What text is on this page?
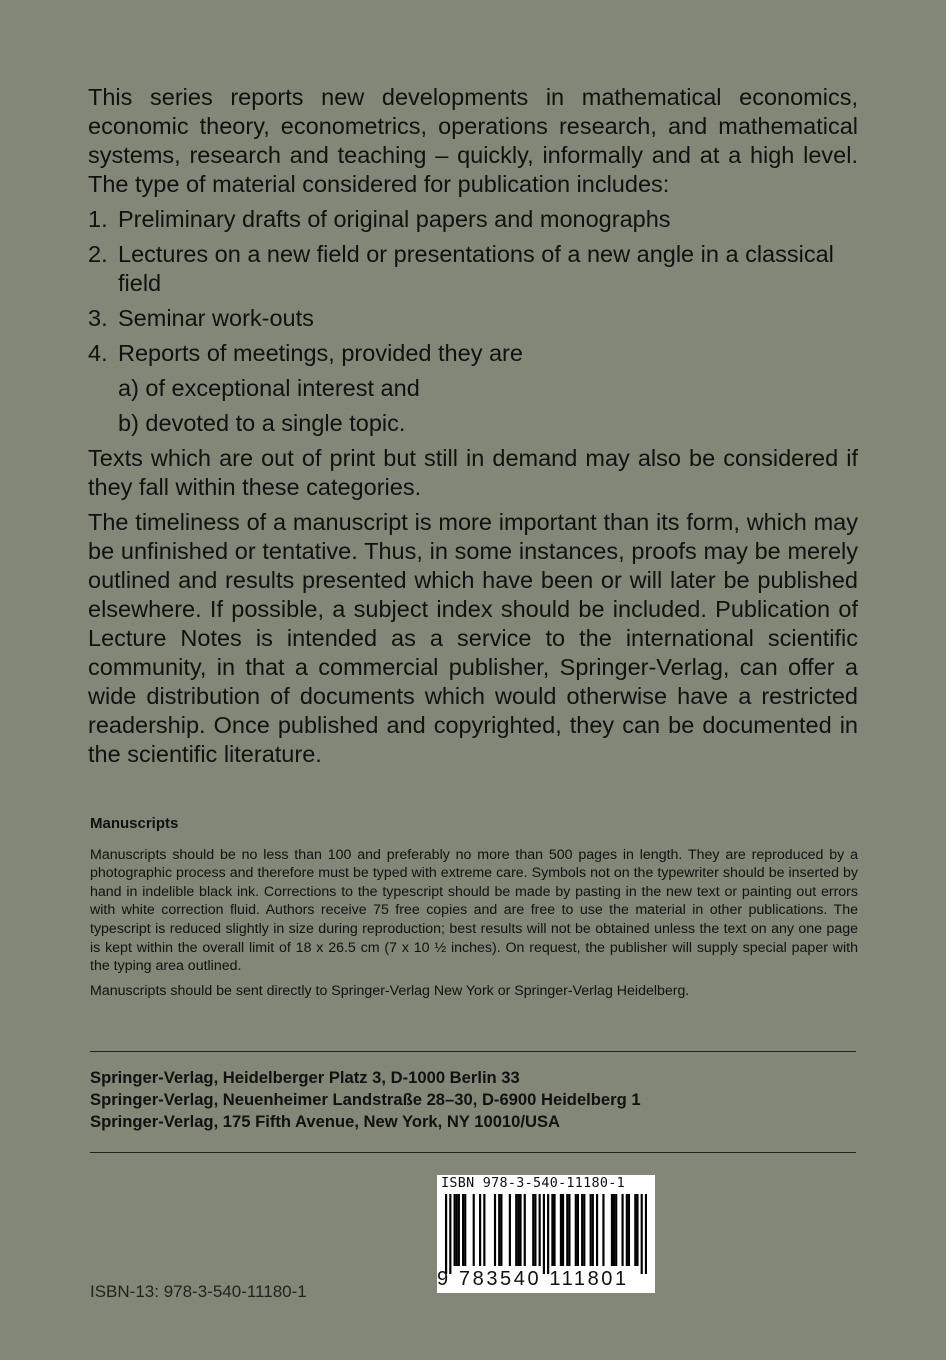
This series reports new developments in mathematical economics, economic theory, econometrics, operations research, and mathematical systems, research and teaching – quickly, informally and at a high level. The type of material considered for publication includes:

1. Preliminary drafts of original papers and monographs
2. Lectures on a new field or presentations of a new angle in a classical field
3. Seminar work-outs
4. Reports of meetings, provided they are
a) of exceptional interest and
b) devoted to a single topic.

Texts which are out of print but still in demand may also be considered if they fall within these categories.

The timeliness of a manuscript is more important than its form, which may be unfinished or tentative. Thus, in some instances, proofs may be merely outlined and results presented which have been or will later be published elsewhere. If possible, a subject index should be included. Publication of Lecture Notes is intended as a service to the international scientific community, in that a commercial publisher, Springer-Verlag, can offer a wide distribution of documents which would otherwise have a restricted readership. Once published and copyrighted, they can be documented in the scientific literature.

Manuscripts

Manuscripts should be no less than 100 and preferably no more than 500 pages in length. They are reproduced by a photographic process and therefore must be typed with extreme care. Symbols not on the typewriter should be inserted by hand in indelible black ink. Corrections to the typescript should be made by pasting in the new text or painting out errors with white correction fluid. Authors receive 75 free copies and are free to use the material in other publications. The typescript is reduced slightly in size during reproduction; best results will not be obtained unless the text on any one page is kept within the overall limit of 18 x 26.5 cm (7 x 10 ½ inches). On request, the publisher will supply special paper with the typing area outlined.

Manuscripts should be sent directly to Springer-Verlag New York or Springer-Verlag Heidelberg.

Springer-Verlag, Heidelberger Platz 3, D-1000 Berlin 33
Springer-Verlag, Neuenheimer Landstraße 28–30, D-6900 Heidelberg 1
Springer-Verlag, 175 Fifth Avenue, New York, NY 10010/USA
ISBN-13: 978-3-540-11180-1
ISBN 978-3-540-11180-1
9 783540 111801
